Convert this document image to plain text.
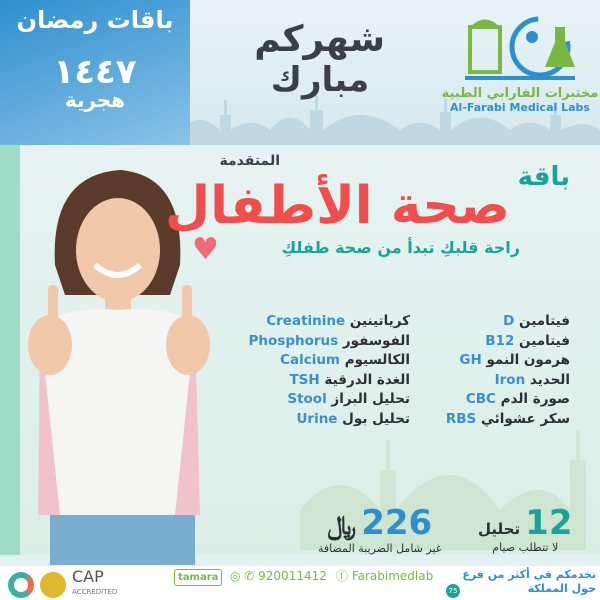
باقات رمضان
١٤٤٧
هجرية
شهركم
مبارك	مختبرات الفارابي الطبية
Al-Farabi Medical Labs
♥
باقة
صحة الأطفال
المتقدمة
راحة قلبكِ تبدأ من صحة طفلكِ
فيتامين D
فيتامين B12
هرمون النمو GH
الحديد Iron
صورة الدم CBC
سكر عشوائي RBS
كرياتينين Creatinine
الفوسفور Phosphorus
الكالسيوم Calcium
الغدة الدرقية TSH
تحليل البراز Stool
تحليل بول Urine
226 ﷼
غير شامل الضريبة المضافة
12 تحليل
لا تتطلب صيام
CAP
ACCREDITED
tamara ◎ ✆ 920011412 ⓕ Farabimedlab	نخدمكم في أكثر من فرع حول المملكة
75
